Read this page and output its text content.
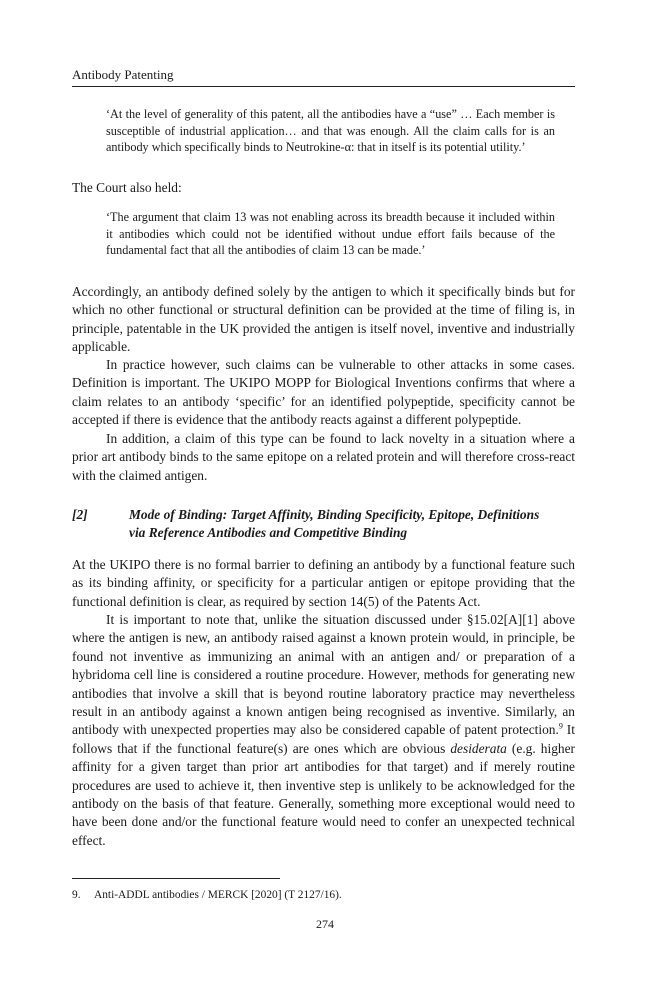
Antibody Patenting
‘At the level of generality of this patent, all the antibodies have a “use” … Each member is susceptible of industrial application… and that was enough. All the claim calls for is an antibody which specifically binds to Neutrokine-α: that in itself is its potential utility.’

The Court also held:

‘The argument that claim 13 was not enabling across its breadth because it included within it antibodies which could not be identified without undue effort fails because of the fundamental fact that all the antibodies of claim 13 can be made.’

Accordingly, an antibody defined solely by the antigen to which it specifically binds but for which no other functional or structural definition can be provided at the time of filing is, in principle, patentable in the UK provided the antigen is itself novel, inventive and industrially applicable.

In practice however, such claims can be vulnerable to other attacks in some cases. Definition is important. The UKIPO MOPP for Biological Inventions confirms that where a claim relates to an antibody ‘specific’ for an identified polypeptide, specificity cannot be accepted if there is evidence that the antibody reacts against a different polypeptide.

In addition, a claim of this type can be found to lack novelty in a situation where a prior art antibody binds to the same epitope on a related protein and will therefore cross-react with the claimed antigen.

[2]	Mode of Binding: Target Affinity, Binding Specificity, Epitope, Definitions via Reference Antibodies and Competitive Binding

At the UKIPO there is no formal barrier to defining an antibody by a functional feature such as its binding affinity, or specificity for a particular antigen or epitope providing that the functional definition is clear, as required by section 14(5) of the Patents Act.

It is important to note that, unlike the situation discussed under §15.02[A][1] above where the antigen is new, an antibody raised against a known protein would, in principle, be found not inventive as immunizing an animal with an antigen and/ or preparation of a hybridoma cell line is considered a routine procedure. However, methods for generating new antibodies that involve a skill that is beyond routine laboratory practice may nevertheless result in an antibody against a known antigen being recognised as inventive. Similarly, an antibody with unexpected properties may also be considered capable of patent protection.$^9$ It follows that if the functional feature(s) are ones which are obvious desiderata (e.g. higher affinity for a given target than prior art antibodies for that target) and if merely routine procedures are used to achieve it, then inventive step is unlikely to be acknowledged for the antibody on the basis of that feature. Generally, something more exceptional would need to have been done and/or the functional feature would need to confer an unexpected technical effect.

9. Anti-ADDL antibodies / MERCK [2020] (T 2127/16).
274
